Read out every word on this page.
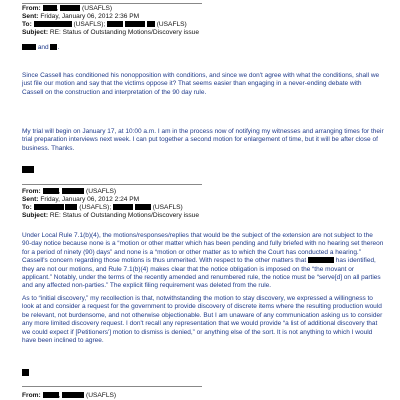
From: ,	(USAFLS)
Sent: Friday, January 06, 2012 2:36 PM
To:	(USAFLS);	(USAFLS)
Subject: RE: Status of Outstanding Motions/Discovery issue
and .

Since Cassell has conditioned his nonopposition with conditions, and since we don't agree with what the conditions, shall we just file our motion and say that the victims oppose it? That seems easier than engaging in a never-ending debate with Cassell on the construction and interpretation of the 90 day rule.

My trial will begin on January 17, at 10:00 a.m. I am in the process now of notifying my witnesses and arranging times for their trial preparation interviews next week. I can put together a second motion for enlargement of time, but it will be after close of business. Thanks.

From:	,	(USAFLS)
Sent: Friday, January 06, 2012 2:24 PM
To:	(USAFLS);	(USAFLS)
Subject: RE: Status of Outstanding Motions/Discovery issue

Under Local Rule 7.1(b)(4), the motions/responses/replies that would be the subject of the extension are not subject to the 90-day notice because none is a “motion or other matter which has been pending and fully briefed with no hearing set thereon for a period of ninety (90) days” and none is a “motion or other matter as to which the Court has conducted a hearing.” Cassell's concern regarding those motions is thus unmerited. With respect to the other matters that	has identified, they are not our motions, and Rule 7.1(b)(4) makes clear that the notice obligation is imposed on the “the movant or applicant.” Notably, under the terms of the recently amended and renumbered rule, the notice must be “serve[d] on all parties and any affected non-parties.” The explicit filing requirement was deleted from the rule.

As to “initial discovery,” my recollection is that, notwithstanding the motion to stay discovery, we expressed a willingness to look at and consider a request for the government to provide discovery of discrete items where the resulting production would be relevant, not burdensome, and not otherwise objectionable. But I am unaware of any communication asking us to consider any more limited discovery request. I don't recall any representation that we would provide “a list of additional discovery that we could expect if [Petitioners'] motion to dismiss is denied,” or anything else of the sort. It is not anything to which I would have been inclined to agree.

From:	,	(USAFLS)
